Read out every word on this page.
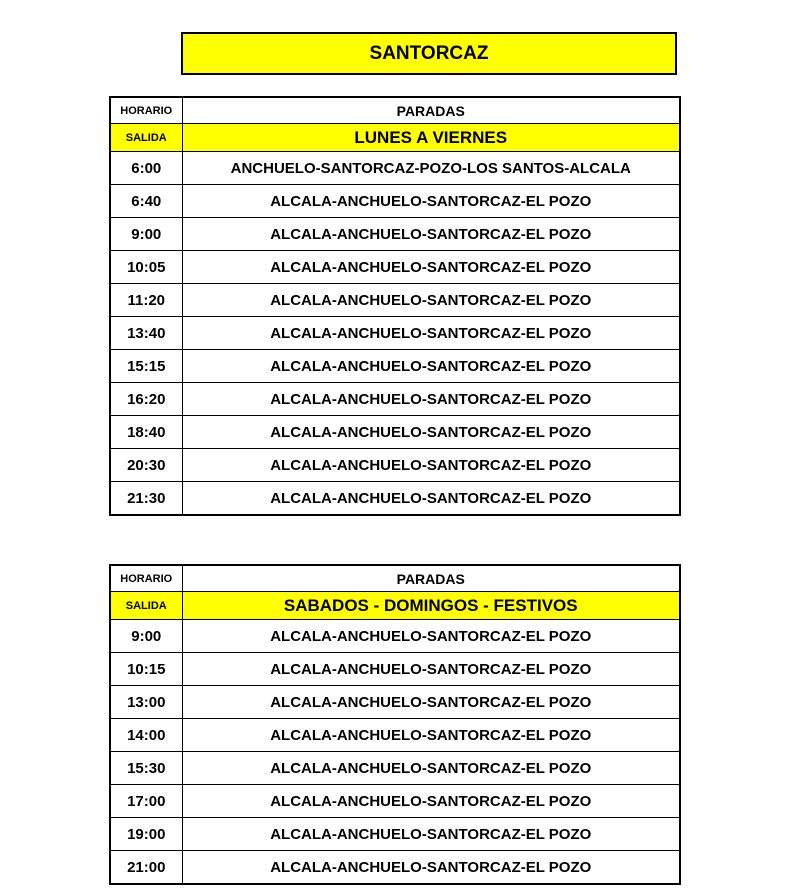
SANTORCAZ
HORARIO	PARADAS
SALIDA	LUNES A VIERNES
6:00	ANCHUELO-SANTORCAZ-POZO-LOS SANTOS-ALCALA
6:40	ALCALA-ANCHUELO-SANTORCAZ-EL POZO
9:00	ALCALA-ANCHUELO-SANTORCAZ-EL POZO
10:05	ALCALA-ANCHUELO-SANTORCAZ-EL POZO
11:20	ALCALA-ANCHUELO-SANTORCAZ-EL POZO
13:40	ALCALA-ANCHUELO-SANTORCAZ-EL POZO
15:15	ALCALA-ANCHUELO-SANTORCAZ-EL POZO
16:20	ALCALA-ANCHUELO-SANTORCAZ-EL POZO
18:40	ALCALA-ANCHUELO-SANTORCAZ-EL POZO
20:30	ALCALA-ANCHUELO-SANTORCAZ-EL POZO
21:30	ALCALA-ANCHUELO-SANTORCAZ-EL POZO
HORARIO	PARADAS
SALIDA	SABADOS - DOMINGOS - FESTIVOS
9:00	ALCALA-ANCHUELO-SANTORCAZ-EL POZO
10:15	ALCALA-ANCHUELO-SANTORCAZ-EL POZO
13:00	ALCALA-ANCHUELO-SANTORCAZ-EL POZO
14:00	ALCALA-ANCHUELO-SANTORCAZ-EL POZO
15:30	ALCALA-ANCHUELO-SANTORCAZ-EL POZO
17:00	ALCALA-ANCHUELO-SANTORCAZ-EL POZO
19:00	ALCALA-ANCHUELO-SANTORCAZ-EL POZO
21:00	ALCALA-ANCHUELO-SANTORCAZ-EL POZO
